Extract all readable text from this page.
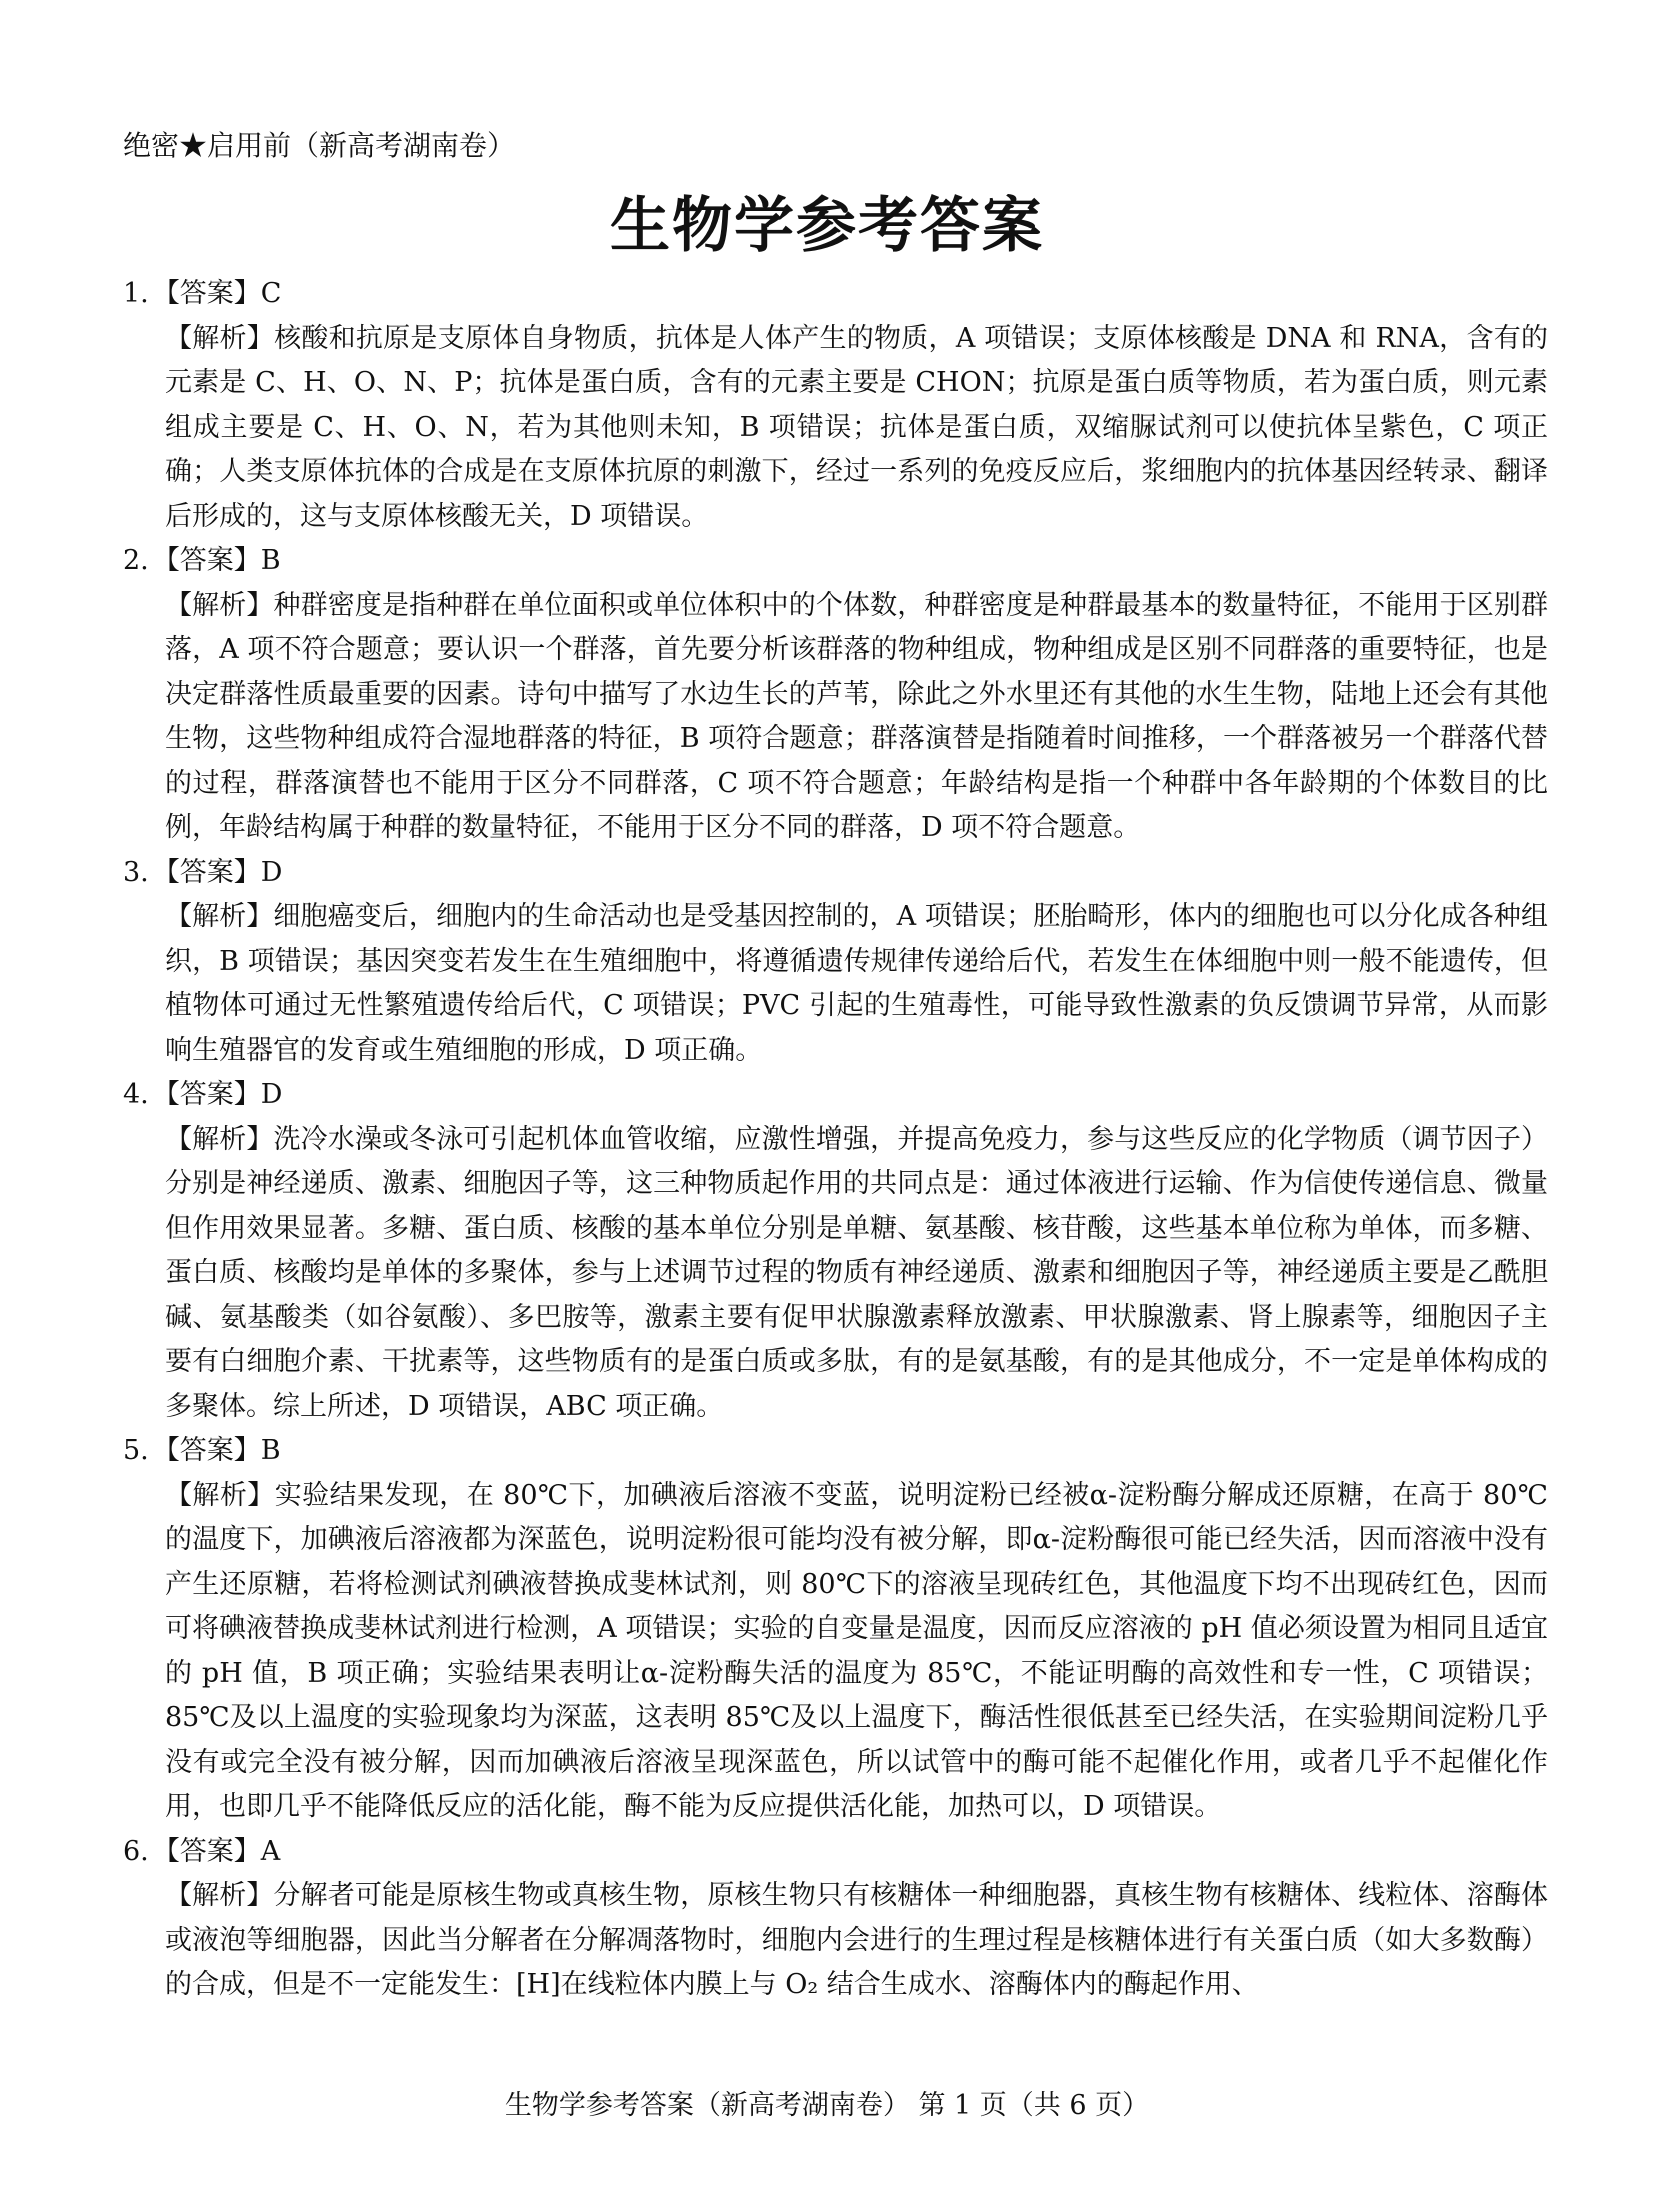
绝密★启用前（新高考湖南卷）
生物学参考答案
1. 【答案】C
【解析】核酸和抗原是支原体自身物质，抗体是人体产生的物质，A 项错误；支原体核酸是 DNA 和 RNA，含有的元素是 C、H、O、N、P；抗体是蛋白质，含有的元素主要是 CHON；抗原是蛋白质等物质，若为蛋白质，则元素组成主要是 C、H、O、N，若为其他则未知，B 项错误；抗体是蛋白质，双缩脲试剂可以使抗体呈紫色，C 项正确；人类支原体抗体的合成是在支原体抗原的刺激下，经过一系列的免疫反应后，浆细胞内的抗体基因经转录、翻译后形成的，这与支原体核酸无关，D 项错误。
2. 【答案】B
【解析】种群密度是指种群在单位面积或单位体积中的个体数，种群密度是种群最基本的数量特征，不能用于区别群落，A 项不符合题意；要认识一个群落，首先要分析该群落的物种组成，物种组成是区别不同群落的重要特征，也是决定群落性质最重要的因素。诗句中描写了水边生长的芦苇，除此之外水里还有其他的水生生物，陆地上还会有其他生物，这些物种组成符合湿地群落的特征，B 项符合题意；群落演替是指随着时间推移，一个群落被另一个群落代替的过程，群落演替也不能用于区分不同群落，C 项不符合题意；年龄结构是指一个种群中各年龄期的个体数目的比例，年龄结构属于种群的数量特征，不能用于区分不同的群落，D 项不符合题意。
3. 【答案】D
【解析】细胞癌变后，细胞内的生命活动也是受基因控制的，A 项错误；胚胎畸形，体内的细胞也可以分化成各种组织，B 项错误；基因突变若发生在生殖细胞中，将遵循遗传规律传递给后代，若发生在体细胞中则一般不能遗传，但植物体可通过无性繁殖遗传给后代，C 项错误；PVC 引起的生殖毒性，可能导致性激素的负反馈调节异常，从而影响生殖器官的发育或生殖细胞的形成，D 项正确。
4. 【答案】D
【解析】洗冷水澡或冬泳可引起机体血管收缩，应激性增强，并提高免疫力，参与这些反应的化学物质（调节因子）分别是神经递质、激素、细胞因子等，这三种物质起作用的共同点是：通过体液进行运输、作为信使传递信息、微量但作用效果显著。多糖、蛋白质、核酸的基本单位分别是单糖、氨基酸、核苷酸，这些基本单位称为单体，而多糖、蛋白质、核酸均是单体的多聚体，参与上述调节过程的物质有神经递质、激素和细胞因子等，神经递质主要是乙酰胆碱、氨基酸类（如谷氨酸）、多巴胺等，激素主要有促甲状腺激素释放激素、甲状腺激素、肾上腺素等，细胞因子主要有白细胞介素、干扰素等，这些物质有的是蛋白质或多肽，有的是氨基酸，有的是其他成分，不一定是单体构成的多聚体。综上所述，D 项错误，ABC 项正确。
5. 【答案】B
【解析】实验结果发现，在 80℃下，加碘液后溶液不变蓝，说明淀粉已经被α-淀粉酶分解成还原糖，在高于 80℃的温度下，加碘液后溶液都为深蓝色，说明淀粉很可能均没有被分解，即α-淀粉酶很可能已经失活，因而溶液中没有产生还原糖，若将检测试剂碘液替换成斐林试剂，则 80℃下的溶液呈现砖红色，其他温度下均不出现砖红色，因而可将碘液替换成斐林试剂进行检测，A 项错误；实验的自变量是温度，因而反应溶液的 pH 值必须设置为相同且适宜的 pH 值，B 项正确；实验结果表明让α-淀粉酶失活的温度为 85℃，不能证明酶的高效性和专一性，C 项错误；85℃及以上温度的实验现象均为深蓝，这表明 85℃及以上温度下，酶活性很低甚至已经失活，在实验期间淀粉几乎没有或完全没有被分解，因而加碘液后溶液呈现深蓝色，所以试管中的酶可能不起催化作用，或者几乎不起催化作用，也即几乎不能降低反应的活化能，酶不能为反应提供活化能，加热可以，D 项错误。
6. 【答案】A
【解析】分解者可能是原核生物或真核生物，原核生物只有核糖体一种细胞器，真核生物有核糖体、线粒体、溶酶体或液泡等细胞器，因此当分解者在分解凋落物时，细胞内会进行的生理过程是核糖体进行有关蛋白质（如大多数酶）的合成，但是不一定能发生：[H]在线粒体内膜上与 O₂ 结合生成水、溶酶体内的酶起作用、
生物学参考答案（新高考湖南卷） 第 1 页（共 6 页）
